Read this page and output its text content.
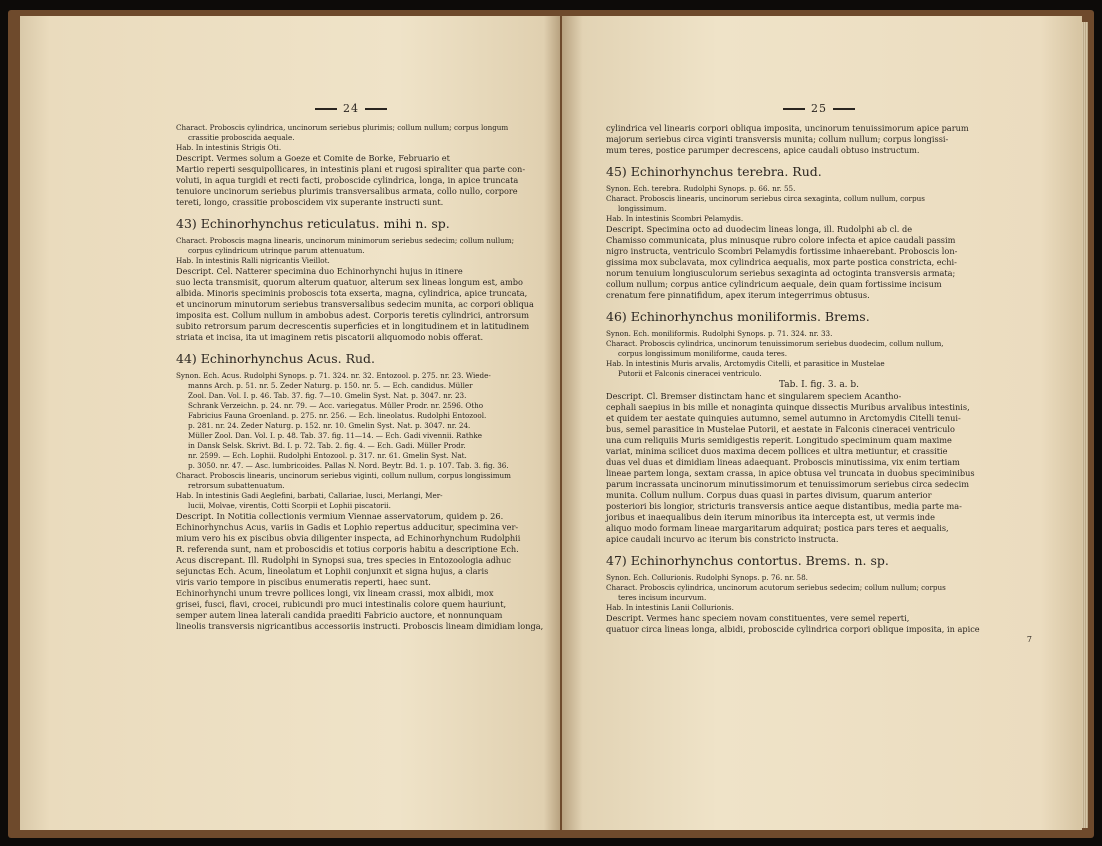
24
Charact. Proboscis cylindrica, uncinorum seriebus plurimis; collum nullum; corpus longum
crassitie proboscida aequale.
Hab. In intestinis Strigis Oti.
Descript. Vermes solum a Goeze et Comite de Borke, Februario et
Martio reperti sesquipollicares, in intestinis plani et rugosi spiraliter qua parte con-
voluti, in aqua turgidi et recti facti, proboscide cylindrica, longa, in apice truncata
tenuiore uncinorum seriebus plurimis transversalibus armata, collo nullo, corpore
tereti, longo, crassitie proboscidem vix superante instructi sunt.
43) Echinorhynchus reticulatus. mihi n. sp.
Charact. Proboscis magna linearis, uncinorum minimorum seriebus sedecim; collum nullum;
corpus cylindricum utrinque parum attenuatum.
Hab. In intestinis Ralli nigricantis Vieillot.
Descript. Cel. Natterer specimina duo Echinorhynchi hujus in itinere
suo lecta transmisit, quorum alterum quatuor, alterum sex lineas longum est, ambo
albida. Minoris speciminis proboscis tota exserta, magna, cylindrica, apice truncata,
et uncinorum minutorum seriebus transversalibus sedecim munita, ac corpori obliqua
imposita est. Collum nullum in ambobus adest. Corporis teretis cylindrici, antrorsum
subito retrorsum parum decrescentis superficies et in longitudinem et in latitudinem
striata et incisa, ita ut imaginem retis piscatorii aliquomodo nobis offerat.
44) Echinorhynchus Acus. Rud.
Synon. Ech. Acus. Rudolphi Synops. p. 71. 324. nr. 32. Entozool. p. 275. nr. 23. Wiede-
manns Arch. p. 51. nr. 5. Zeder Naturg. p. 150. nr. 5. — Ech. candidus. Müller
Zool. Dan. Vol. I. p. 46. Tab. 37. fig. 7—10. Gmelin Syst. Nat. p. 3047. nr. 23.
Schrank Verzeichn. p. 24. nr. 79. — Acc. variegatus. Müller Prodr. nr. 2596. Otho
Fabricius Fauna Groenland. p. 275. nr. 256. — Ech. lineolatus. Rudolphi Entozool.
p. 281. nr. 24. Zeder Naturg. p. 152. nr. 10. Gmelin Syst. Nat. p. 3047. nr. 24.
Müller Zool. Dan. Vol. I. p. 48. Tab. 37. fig. 11—14. — Ech. Gadi vivennii. Rathke
in Dansk Selsk. Skrivt. Bd. I. p. 72. Tab. 2. fig. 4. — Ech. Gadi. Müller Prodr.
nr. 2599. — Ech. Lophii. Rudolphi Entozool. p. 317. nr. 61. Gmelin Syst. Nat.
p. 3050. nr. 47. — Asc. lumbricoides. Pallas N. Nord. Beytr. Bd. 1. p. 107. Tab. 3. fig. 36.
Charact. Proboscis linearis, uncinorum seriebus viginti, collum nullum, corpus longissimum
retrorsum subattenuatum.
Hab. In intestinis Gadi Aeglefini, barbati, Callariae, lusci, Merlangi, Mer-
lucii, Molvae, virentis, Cotti Scorpii et Lophii piscatorii.
Descript. In Notitia collectionis vermium Viennae asservatorum, quidem p. 26.
Echinorhynchus Acus, variis in Gadis et Lophio repertus adducitur, specimina ver-
mium vero his ex piscibus obvia diligenter inspecta, ad Echinorhynchum Rudolphii
R. referenda sunt, nam et proboscidis et totius corporis habitu a descriptione Ech.
Acus discrepant. Ill. Rudolphi in Synopsi sua, tres species in Entozoologia adhuc
sejunctas Ech. Acum, lineolatum et Lophii conjunxit et signa hujus, a claris
viris vario tempore in piscibus enumeratis reperti, haec sunt.
Echinorhynchi unum trevre pollices longi, vix lineam crassi, mox albidi, mox
grisei, fusci, flavi, crocei, rubicundi pro muci intestinalis colore quem hauriunt,
semper autem linea laterali candida praediti Fabricio auctore, et nonnunquam
lineolis transversis nigricantibus accessoriis instructi. Proboscis lineam dimidiam longa,
25
cylindrica vel linearis corpori obliqua imposita, uncinorum tenuissimorum apice parum
majorum seriebus circa viginti transversis munita; collum nullum; corpus longissi-
mum teres, postice parumper decrescens, apice caudali obtuso instructum.
45) Echinorhynchus terebra. Rud.
Synon. Ech. terebra. Rudolphi Synops. p. 66. nr. 55.
Charact. Proboscis linearis, uncinorum seriebus circa sexaginta, collum nullum, corpus
longissimum.
Hab. In intestinis Scombri Pelamydis.
Descript. Specimina octo ad duodecim lineas longa, ill. Rudolphi ab cl. de
Chamisso communicata, plus minusque rubro colore infecta et apice caudali passim
nigro instructa, ventriculo Scombri Pelamydis fortissime inhaerebant. Proboscis lon-
gissima mox subclavata, mox cylindrica aequalis, mox parte postica constricta, echi-
norum tenuium longiusculorum seriebus sexaginta ad octoginta transversis armata;
collum nullum; corpus antice cylindricum aequale, dein quam fortissime incisum
crenatum fere pinnatifidum, apex iterum integerrimus obtusus.
46) Echinorhynchus moniliformis. Brems.
Synon. Ech. moniliformis. Rudolphi Synops. p. 71. 324. nr. 33.
Charact. Proboscis cylindrica, uncinorum tenuissimorum seriebus duodecim, collum nullum,
corpus longissimum moniliforme, cauda teres.
Hab. In intestinis Muris arvalis, Arctomydis Citelli, et parasitice in Mustelae
Putorii et Falconis cineracei ventriculo.
Tab. I. fig. 3. a. b.
Descript. Cl. Bremser distinctam hanc et singularem speciem Acantho-
cephali saepius in bis mille et nonaginta quinque dissectis Muribus arvalibus intestinis,
et quidem ter aestate quinquies autumno, semel autumno in Arctomydis Citelli tenui-
bus, semel parasitice in Mustelae Putorii, et aestate in Falconis cineracei ventriculo
una cum reliquiis Muris semidigestis reperit. Longitudo speciminum quam maxime
variat, minima scilicet duos maxima decem pollices et ultra metiuntur, et crassitie
duas vel duas et dimidiam lineas adaequant. Proboscis minutissima, vix enim tertiam
lineae partem longa, sextam crassa, in apice obtusa vel truncata in duobus speciminibus
parum incrassata uncinorum minutissimorum et tenuissimorum seriebus circa sedecim
munita. Collum nullum. Corpus duas quasi in partes divisum, quarum anterior
posteriori bis longior, stricturis transversis antice aeque distantibus, media parte ma-
joribus et inaequalibus dein iterum minoribus ita intercepta est, ut vermis inde
aliquo modo formam lineae margaritarum adquirat; postica pars teres et aequalis,
apice caudali incurvo ac iterum bis constricto instructa.
47) Echinorhynchus contortus. Brems. n. sp.
Synon. Ech. Collurionis. Rudolphi Synops. p. 76. nr. 58.
Charact. Proboscis cylindrica, uncinorum acutorum seriebus sedecim; collum nullum; corpus
teres incisum incurvum.
Hab. In intestinis Lanii Collurionis.
Descript. Vermes hanc speciem novam constituentes, vere semel reperti,
quatuor circa lineas longa, albidi, proboscide cylindrica corpori oblique imposita, in apice
7
